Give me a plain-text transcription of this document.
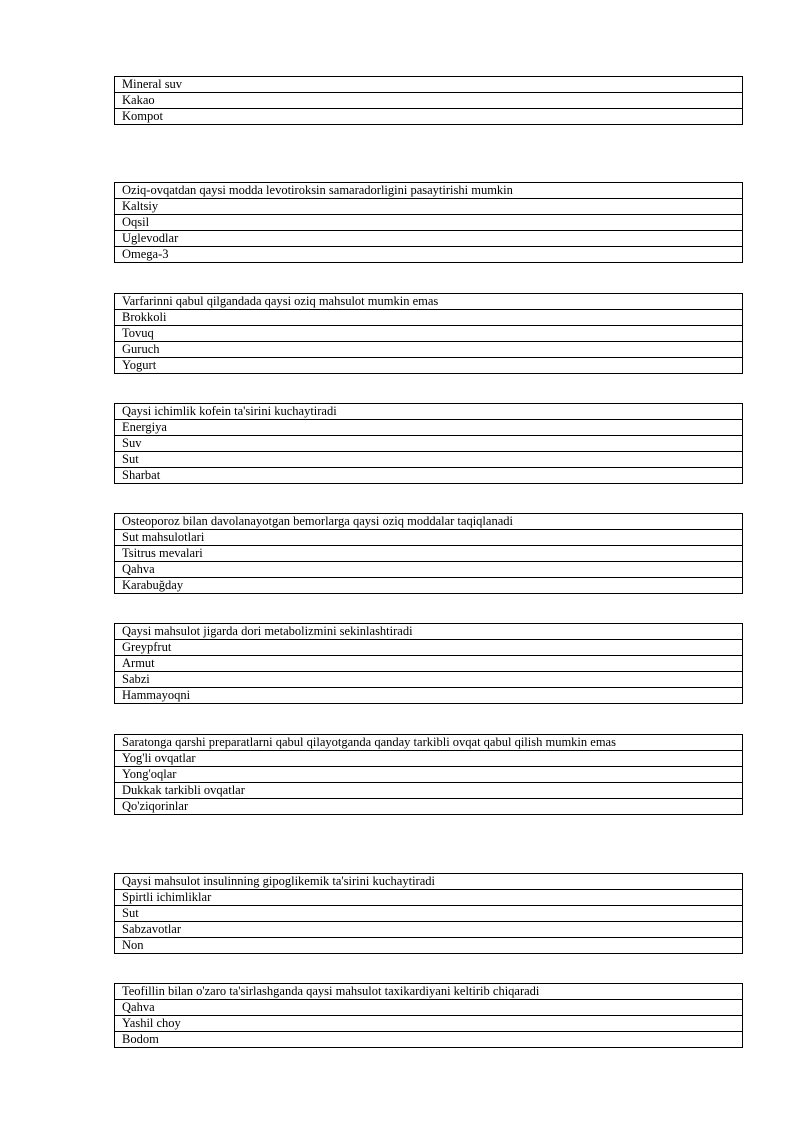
Mineral suv
Kakao
Kompot
Oziq-ovqatdan qaysi modda levotiroksin samaradorligini pasaytirishi mumkin
Kaltsiy
Oqsil
Uglevodlar
Omega-3
Varfarinni qabul qilgandada qaysi oziq mahsulot mumkin emas
Brokkoli
Tovuq
Guruch
Yogurt
Qaysi ichimlik kofein ta'sirini kuchaytiradi
Energiya
Suv
Sut
Sharbat
Osteoporoz bilan davolanayotgan bemorlarga qaysi oziq moddalar taqiqlanadi
Sut mahsulotlari
Tsitrus mevalari
Qahva
Karabuğday
Qaysi mahsulot jigarda dori metabolizmini sekinlashtiradi
Greypfrut
Armut
Sabzi
Hammayoqni
Saratonga qarshi preparatlarni qabul qilayotganda qanday tarkibli ovqat qabul qilish mumkin emas
Yog'li ovqatlar
Yong'oqlar
Dukkak tarkibli ovqatlar
Qo'ziqorinlar
Qaysi mahsulot insulinning gipoglikemik ta'sirini kuchaytiradi
Spirtli ichimliklar
Sut
Sabzavotlar
Non
Teofillin bilan o'zaro ta'sirlashganda qaysi mahsulot taxikardiyani keltirib chiqaradi
Qahva
Yashil choy
Bodom
